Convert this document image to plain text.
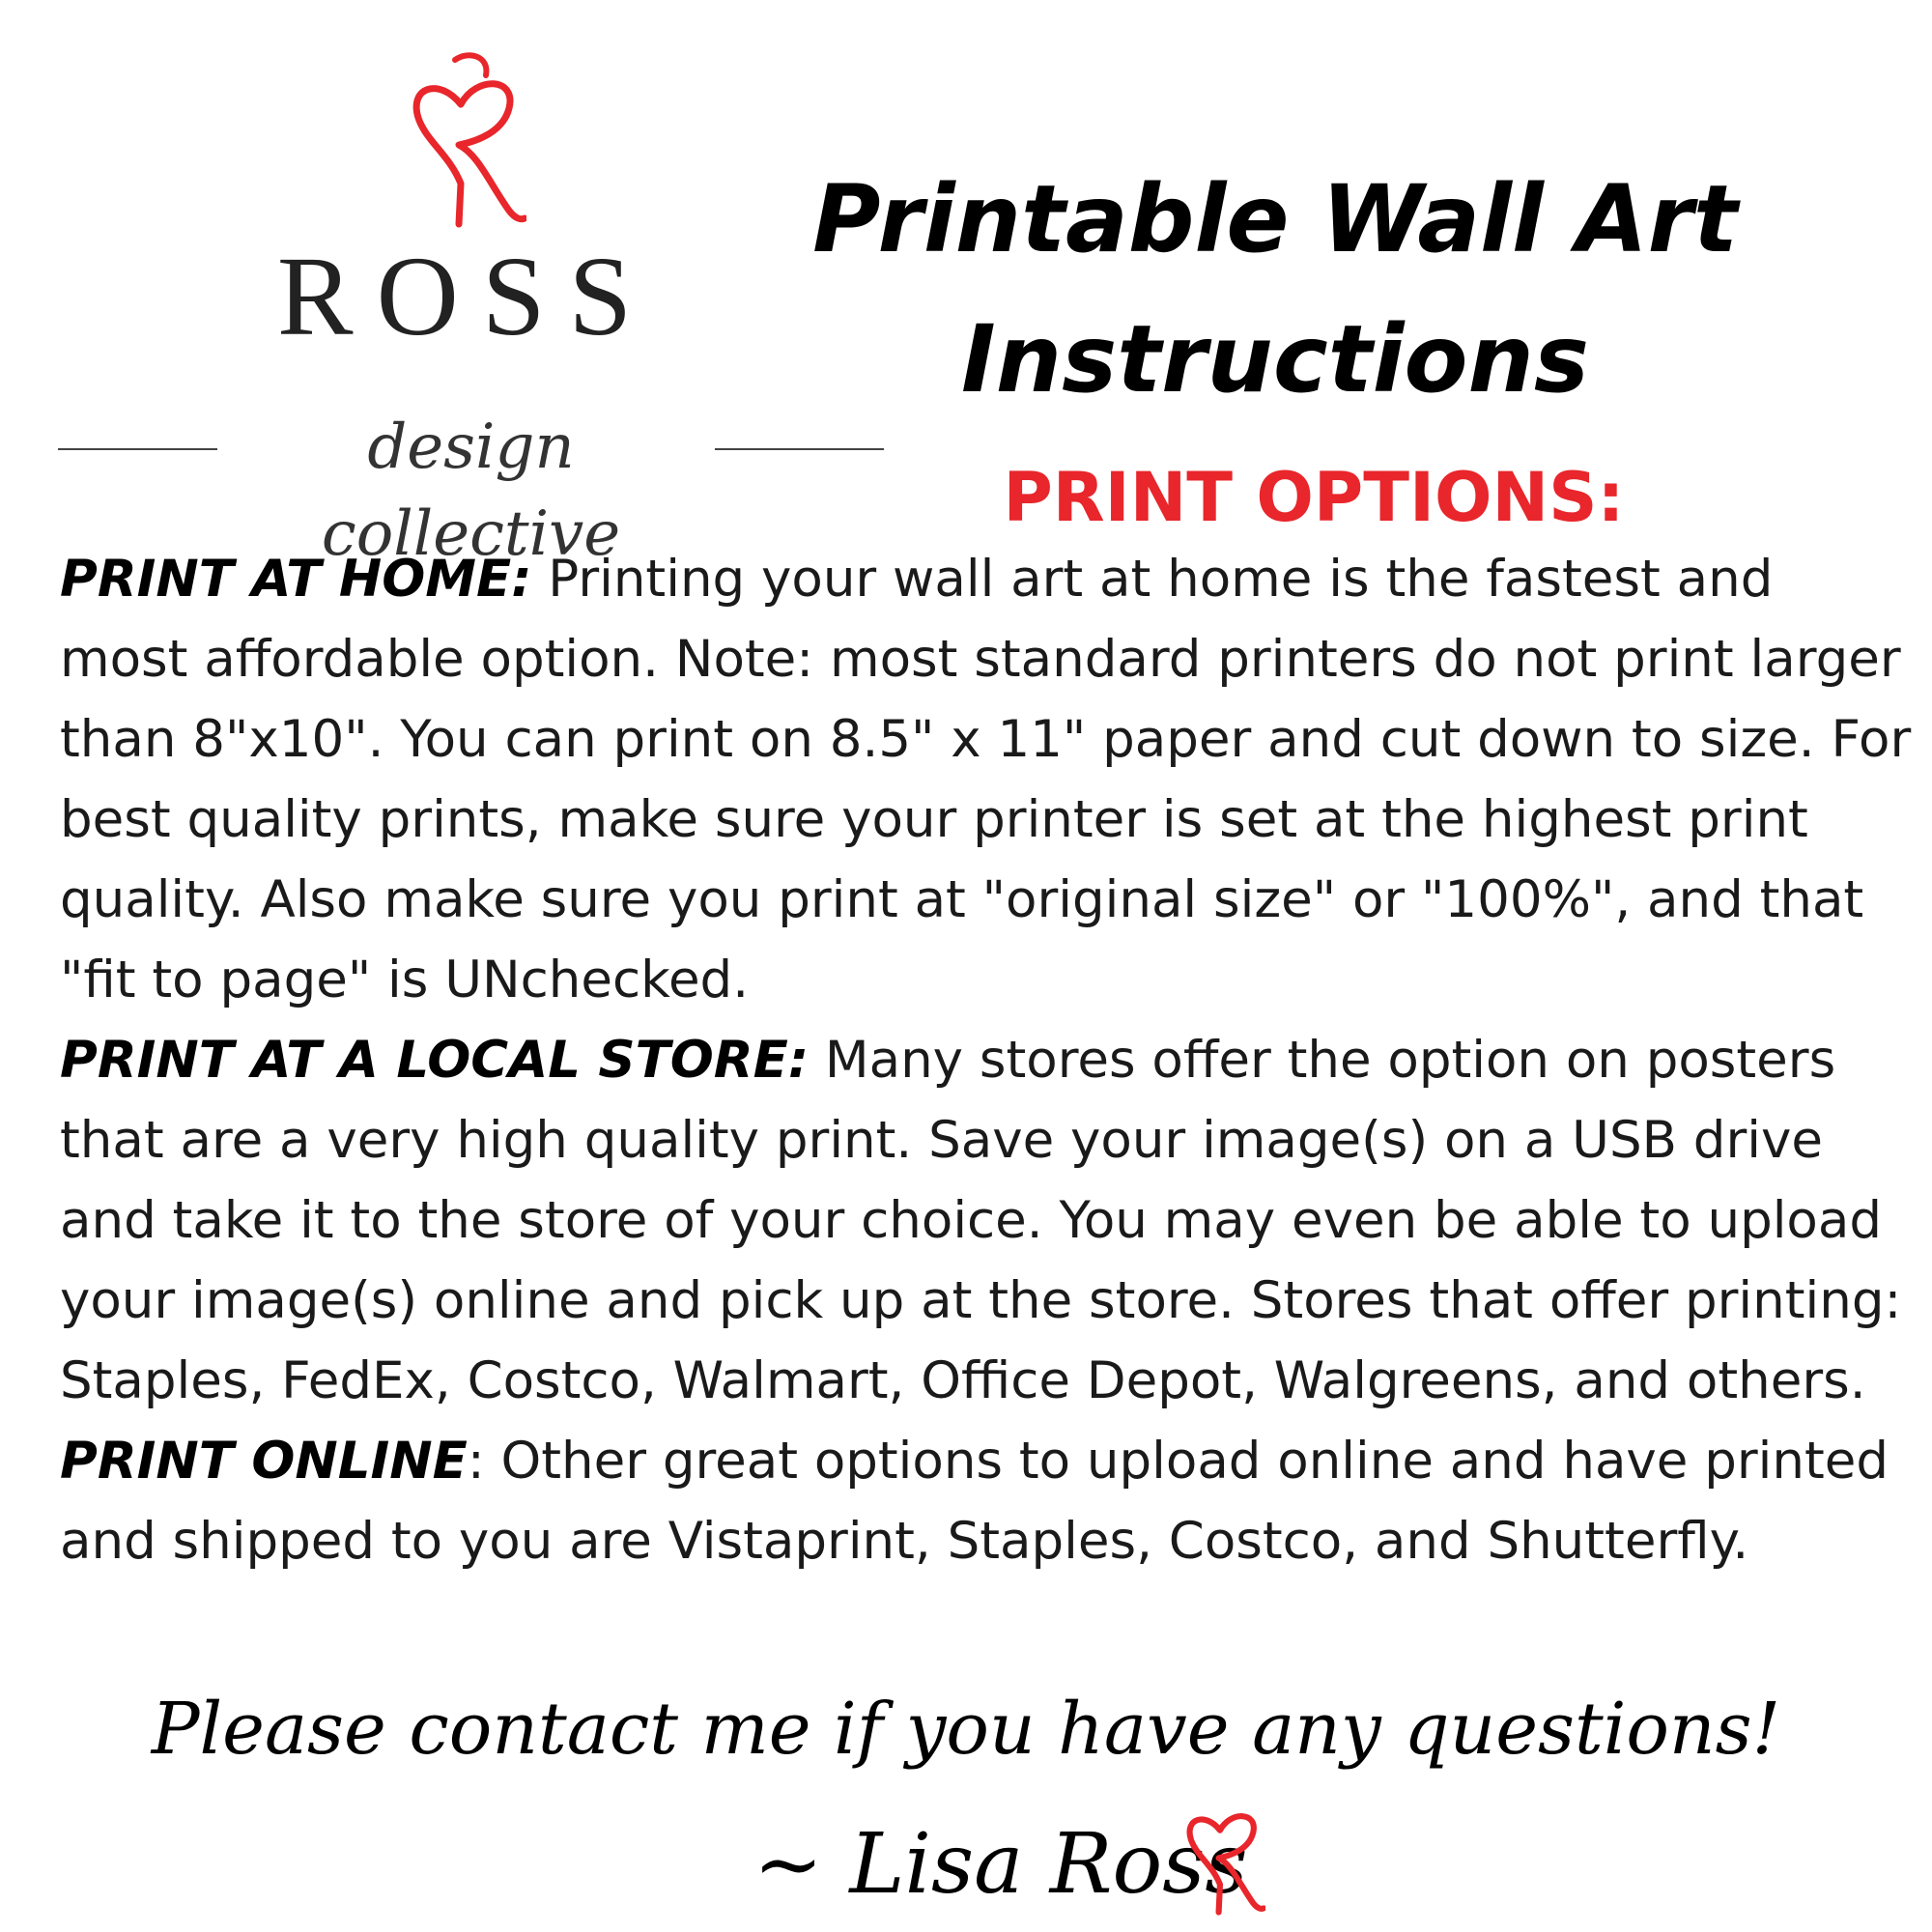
ROSS
design collective
Printable Wall Art
Instructions
PRINT OPTIONS:

PRINT AT HOME: Printing your wall art at home is the fastest and most affordable option. Note: most standard printers do not print larger than 8"x10". You can print on 8.5" x 11" paper and cut down to size. For best quality prints, make sure your printer is set at the highest print quality. Also make sure you print at "original size" or "100%", and that "fit to page" is UNchecked.

PRINT AT A LOCAL STORE: Many stores offer the option on posters that are a very high quality print. Save your image(s) on a USB drive and take it to the store of your choice. You may even be able to upload your image(s) online and pick up at the store. Stores that offer printing: Staples, FedEx, Costco, Walmart, Office Depot, Walgreens, and others.

PRINT ONLINE: Other great options to upload online and have printed and shipped to you are Vistaprint, Staples, Costco, and Shutterfly.

Please contact me if you have any questions!
~ Lisa Ross
